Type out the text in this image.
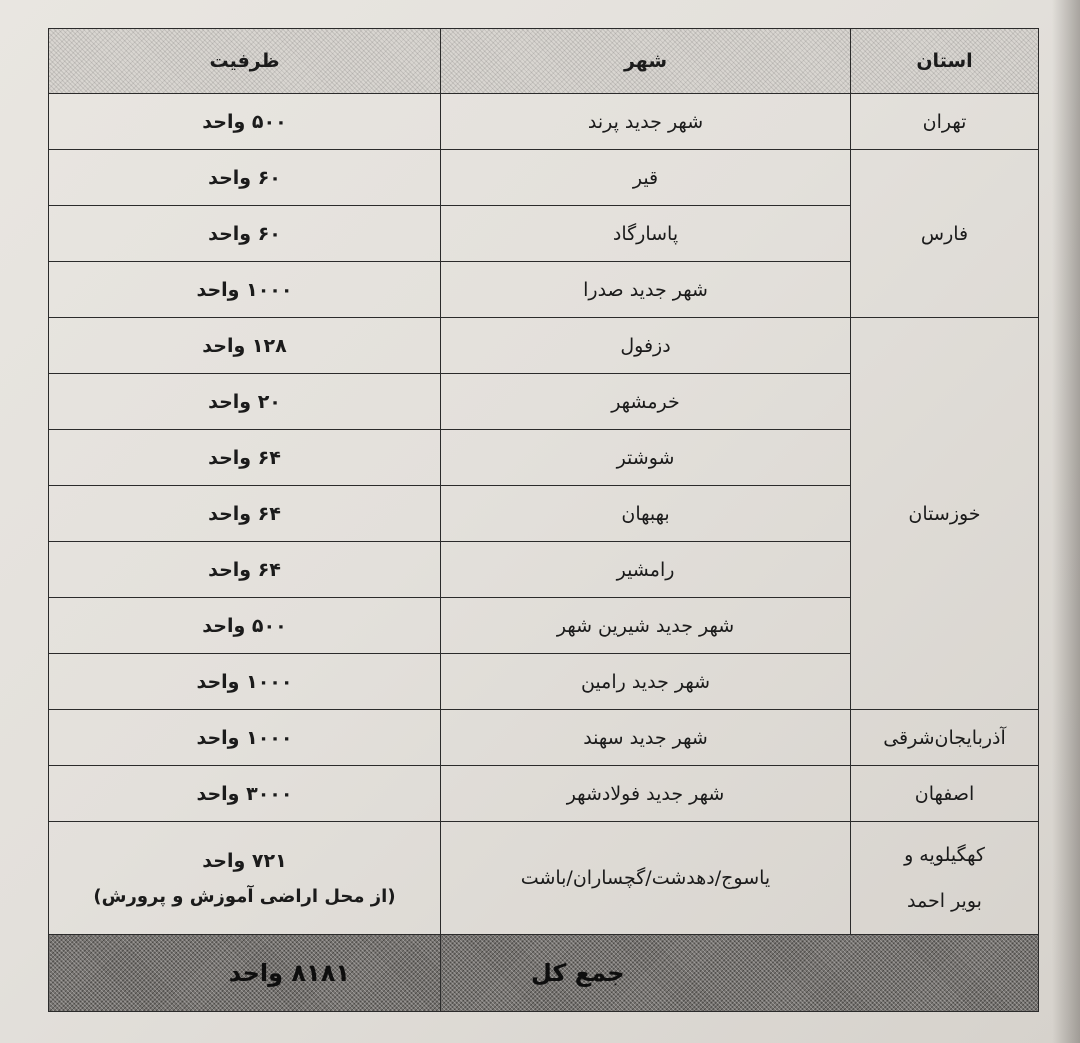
استان	شهر	ظرفیت

تهران	شهر جدید پرند	۵۰۰ واحد

فارس	قیر	۶۰ واحد
	پاسارگاد	۶۰ واحد
	شهر جدید صدرا	۱۰۰۰ واحد

خوزستان	دزفول	۱۲۸ واحد
	خرمشهر	۲۰ واحد
	شوشتر	۶۴ واحد
	بهبهان	۶۴ واحد
	رامشیر	۶۴ واحد
	شهر جدید شیرین شهر	۵۰۰ واحد
	شهر جدید رامین	۱۰۰۰ واحد

آذربایجان‌شرقی	شهر جدید سهند	۱۰۰۰ واحد

اصفهان	شهر جدید فولادشهر	۳۰۰۰ واحد

کهگیلویه و
بویر احمد	یاسوج/دهدشت/گچساران/باشت	۷۲۱ واحد
(از محل اراضی آموزش و پرورش)

جمع کل		۸۱۸۱ واحد
